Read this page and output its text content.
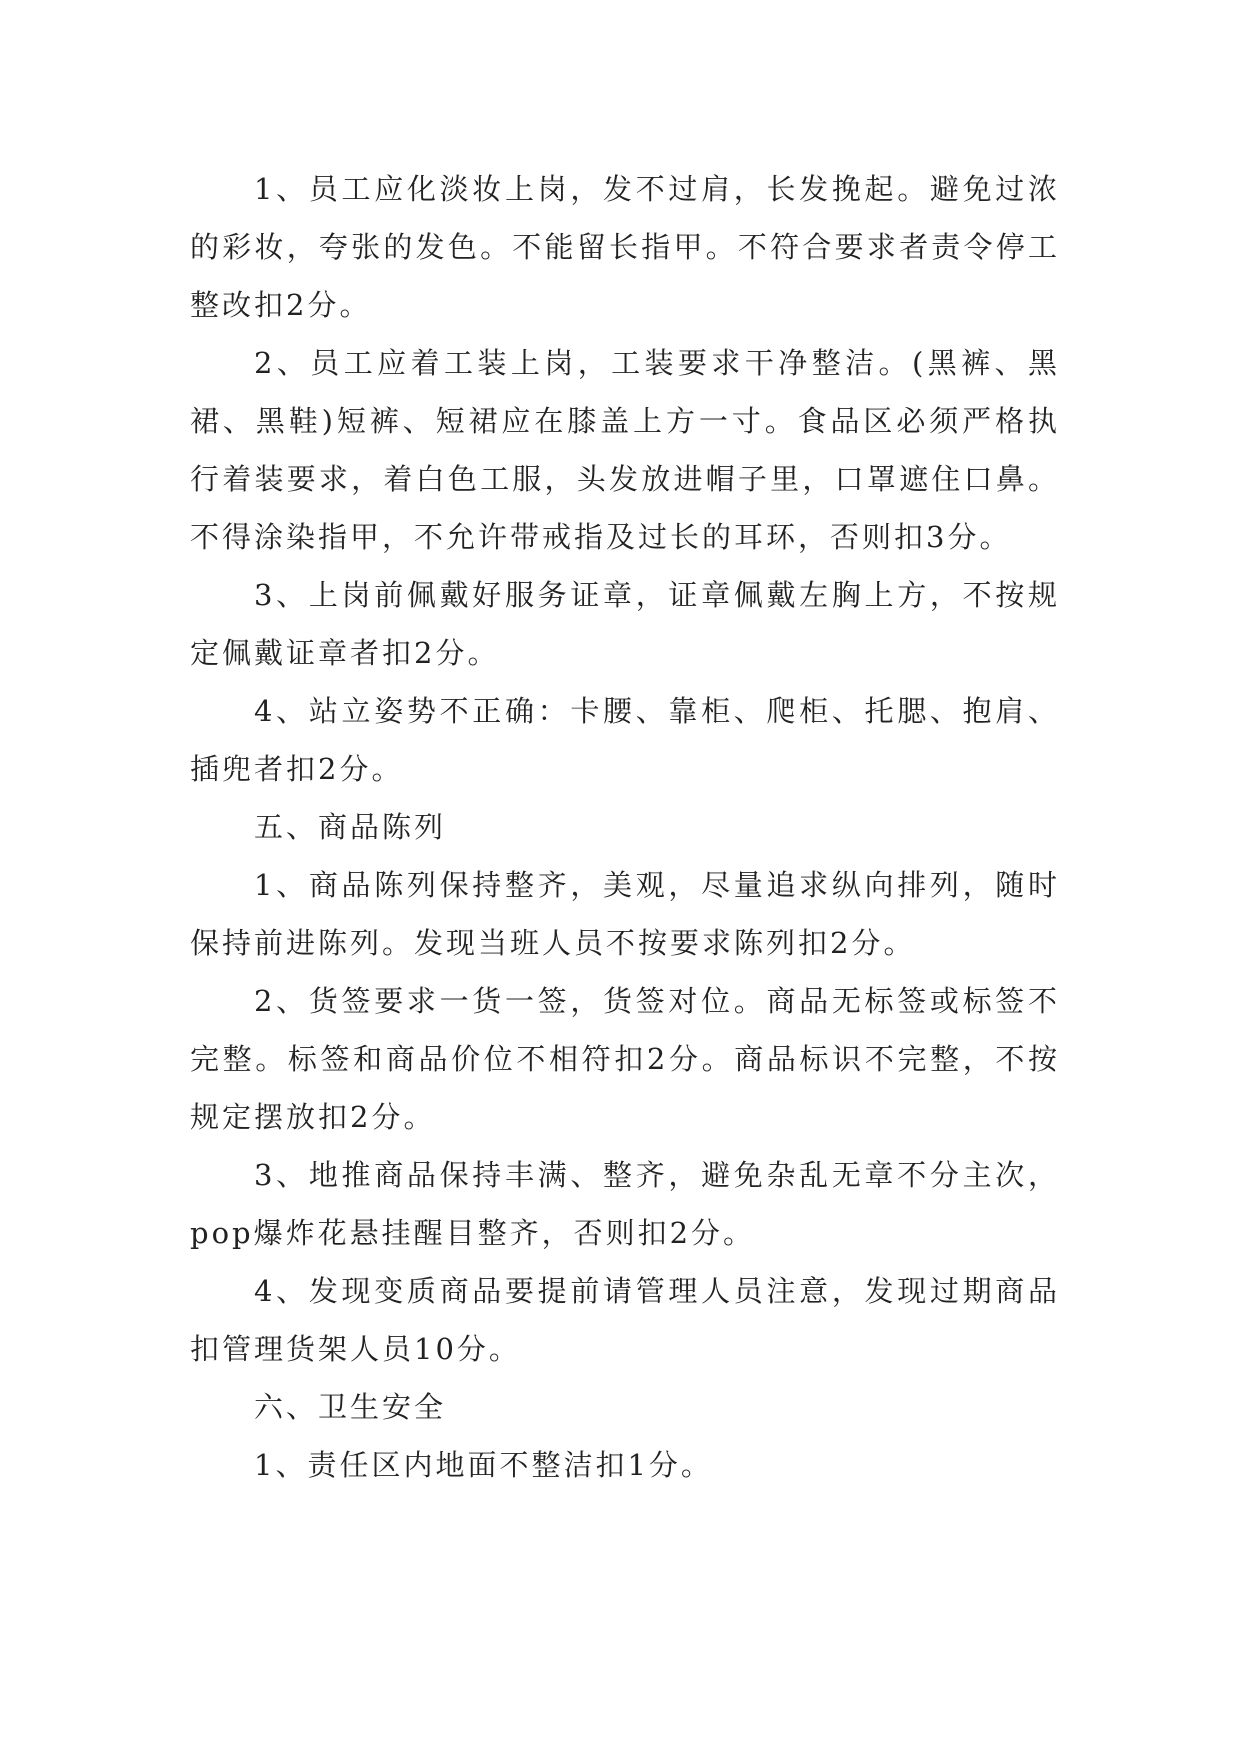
1、员工应化淡妆上岗，发不过肩，长发挽起。避免过浓的彩妆，夸张的发色。不能留长指甲。不符合要求者责令停工整改扣2分。

2、员工应着工装上岗，工装要求干净整洁。(黑裤、黑裙、黑鞋)短裤、短裙应在膝盖上方一寸。食品区必须严格执行着装要求，着白色工服，头发放进帽子里，口罩遮住口鼻。不得涂染指甲，不允许带戒指及过长的耳环，否则扣3分。

3、上岗前佩戴好服务证章，证章佩戴左胸上方，不按规定佩戴证章者扣2分。

4、站立姿势不正确：卡腰、靠柜、爬柜、托腮、抱肩、插兜者扣2分。

五、商品陈列

1、商品陈列保持整齐，美观，尽量追求纵向排列，随时保持前进陈列。发现当班人员不按要求陈列扣2分。

2、货签要求一货一签，货签对位。商品无标签或标签不完整。标签和商品价位不相符扣2分。商品标识不完整，不按规定摆放扣2分。

3、地推商品保持丰满、整齐，避免杂乱无章不分主次，pop爆炸花悬挂醒目整齐，否则扣2分。

4、发现变质商品要提前请管理人员注意，发现过期商品扣管理货架人员10分。

六、卫生安全

1、责任区内地面不整洁扣1分。
